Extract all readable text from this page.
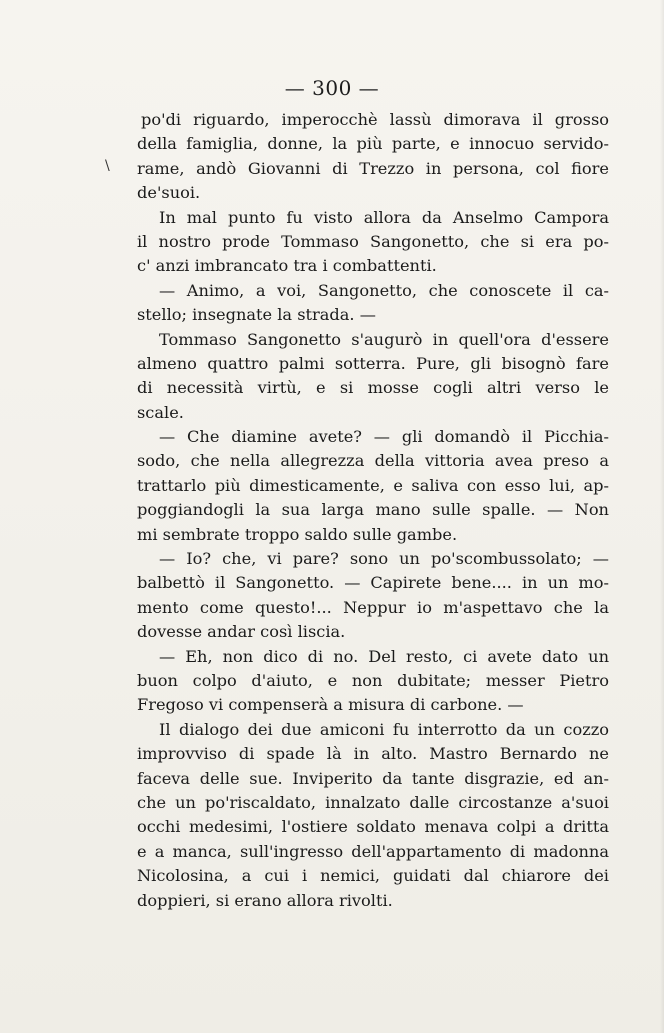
— 300 —
\
po'di riguardo, imperocchè lassù dimorava il grosso
della famiglia, donne, la più parte, e innocuo servido-
rame, andò Giovanni di Trezzo in persona, col fiore
de'suoi.
In mal punto fu visto allora da Anselmo Campora
il nostro prode Tommaso Sangonetto, che si era po-
c' anzi imbrancato tra i combattenti.
— Animo, a voi, Sangonetto, che conoscete il ca-
stello; insegnate la strada. —
Tommaso Sangonetto s'augurò in quell'ora d'essere
almeno quattro palmi sotterra. Pure, gli bisognò fare
di necessità virtù, e si mosse cogli altri verso le
scale.
— Che diamine avete? — gli domandò il Picchia-
sodo, che nella allegrezza della vittoria avea preso a
trattarlo più dimesticamente, e saliva con esso lui, ap-
poggiandogli la sua larga mano sulle spalle. — Non
mi sembrate troppo saldo sulle gambe.
— Io? che, vi pare? sono un po'scombussolato; —
balbettò il Sangonetto. — Capirete bene.... in un mo-
mento come questo!... Neppur io m'aspettavo che la
dovesse andar così liscia.
— Eh, non dico di no. Del resto, ci avete dato un
buon colpo d'aiuto, e non dubitate; messer Pietro
Fregoso vi compenserà a misura di carbone. —
Il dialogo dei due amiconi fu interrotto da un cozzo
improvviso di spade là in alto. Mastro Bernardo ne
faceva delle sue. Inviperito da tante disgrazie, ed an-
che un po'riscaldato, innalzato dalle circostanze a'suoi
occhi medesimi, l'ostiere soldato menava colpi a dritta
e a manca, sull'ingresso dell'appartamento di madonna
Nicolosina, a cui i nemici, guidati dal chiarore dei
doppieri, si erano allora rivolti.
